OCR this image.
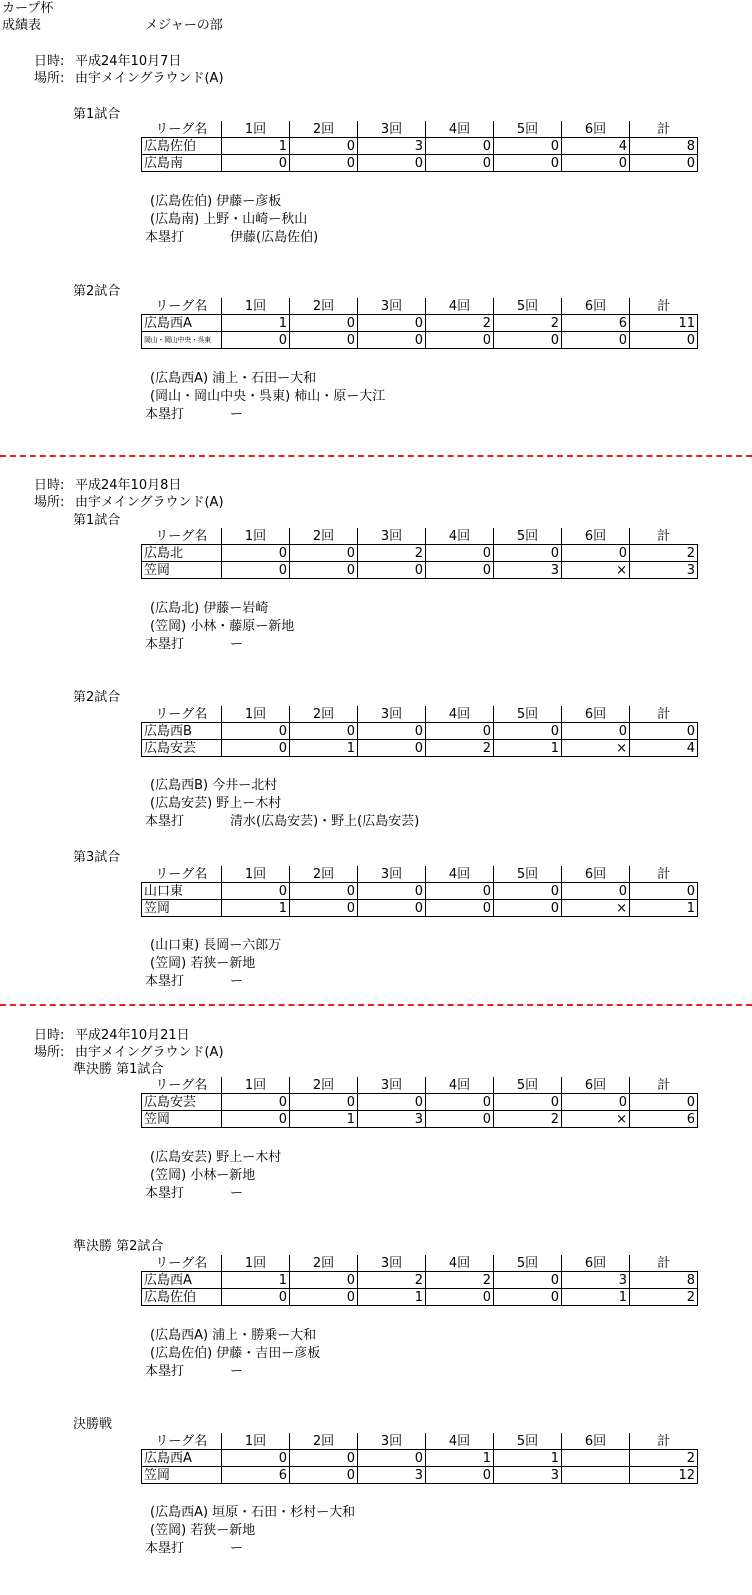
カープ杯
成績表	メジャーの部
日時: 平成24年10月7日
場所: 由宇メイングラウンド(A)
第1試合
リーグ名	1回	2回	3回	4回	5回	6回	計
広島佐伯	1	0	3	0	0	4	8
広島南	0	0	0	0	0	0	0
(広島佐伯) 伊藤ー彦板
(広島南) 上野・山崎ー秋山
本塁打	伊藤(広島佐伯)
第2試合
リーグ名	1回	2回	3回	4回	5回	6回	計
広島西A	1	0	0	2	2	6	11
岡山・岡山中央・呉東	0	0	0	0	0	0	0
(広島西A) 浦上・石田ー大和
(岡山・岡山中央・呉東) 柿山・原ー大江
本塁打	ー
日時: 平成24年10月8日
場所: 由宇メイングラウンド(A)
第1試合
リーグ名	1回	2回	3回	4回	5回	6回	計
広島北	0	0	2	0	0	0	2
笠岡	0	0	0	0	3	×	3
(広島北) 伊藤ー岩崎
(笠岡) 小林・藤原ー新地
本塁打	ー
第2試合
リーグ名	1回	2回	3回	4回	5回	6回	計
広島西B	0	0	0	0	0	0	0
広島安芸	0	1	0	2	1	×	4
(広島西B) 今井ー北村
(広島安芸) 野上ー木村
本塁打	清水(広島安芸)・野上(広島安芸)
第3試合
リーグ名	1回	2回	3回	4回	5回	6回	計
山口東	0	0	0	0	0	0	0
笠岡	1	0	0	0	0	×	1
(山口東) 長岡ー六郎万
(笠岡) 若狭ー新地
本塁打	ー
日時: 平成24年10月21日
場所: 由宇メイングラウンド(A)
準決勝 第1試合
リーグ名	1回	2回	3回	4回	5回	6回	計
広島安芸	0	0	0	0	0	0	0
笠岡	0	1	3	0	2	×	6
(広島安芸) 野上ー木村
(笠岡) 小林ー新地
本塁打	ー
準決勝 第2試合
リーグ名	1回	2回	3回	4回	5回	6回	計
広島西A	1	0	2	2	0	3	8
広島佐伯	0	0	1	0	0	1	2
(広島西A) 浦上・勝乗ー大和
(広島佐伯) 伊藤・吉田ー彦板
本塁打	ー
決勝戦
リーグ名	1回	2回	3回	4回	5回	6回	計
広島西A	0	0	0	1	1		2
笠岡	6	0	3	0	3		12
(広島西A) 垣原・石田・杉村ー大和
(笠岡) 若狭ー新地
本塁打	ー
